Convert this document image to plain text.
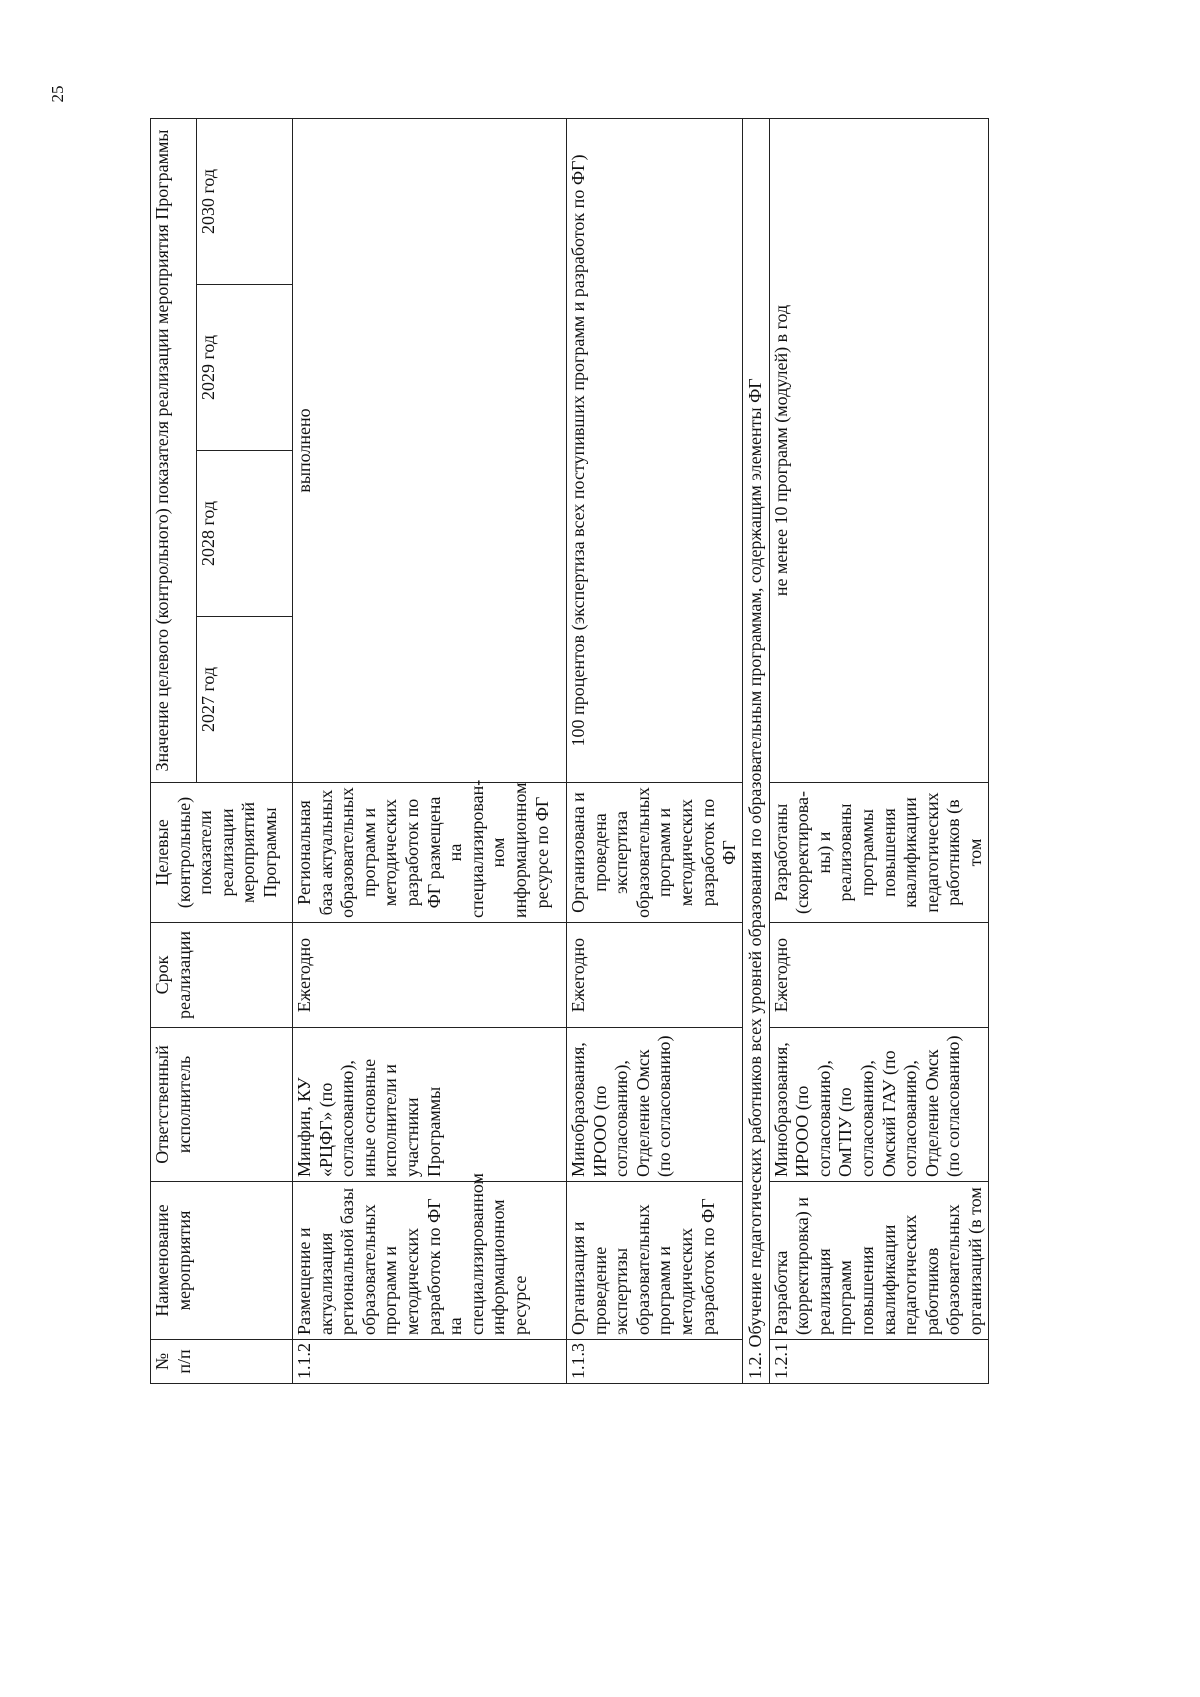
25
№ п/п	Наименование мероприятия	Ответственный исполнитель	Срок реализации	Целевые (контрольные) показатели реализации мероприятий Программы	Значение целевого (контрольного) показателя реализации мероприятия Программы			
					2027 год	2028 год	2029 год	2030 год
1.1.2	Размещение и актуализация региональной базы образовательных программ и методических разработок по ФГ на специализированном информационном ресурсе	Минфин, КУ «РЦФГ» (по согласованию), иные основные исполнители и участники Программы	Ежегодно	Региональная база актуальных образовательных программ и методических разработок по ФГ размещена на специализирован-ном информационном ресурсе по ФГ	выполнено			
1.1.3	Организация и проведение экспертизы образовательных программ и методических разработок по ФГ	Минобразования, ИРООО (по согласованию), Отделение Омск (по согласованию)	Ежегодно	Организована и проведена экспертиза образовательных программ и методических разработок по ФГ	100 процентов (экспертиза всех поступивших программ и разработок по ФГ)			
1.2. Обучение педагогических работников всех уровней образования по образовательным программам, содержащим элементы ФГ								
1.2.1	Разработка (корректировка) и реализация программ повышения квалификации педагогических работников образовательных организаций (в том	Минобразования, ИРООО (по согласованию), ОмГПУ (по согласованию), Омский ГАУ (по согласованию), Отделение Омск (по согласованию)	Ежегодно	Разработаны (скорректирова-ны) и реализованы программы повышения квалификации педагогических работников (в том	не менее 10 программ (модулей) в год			
